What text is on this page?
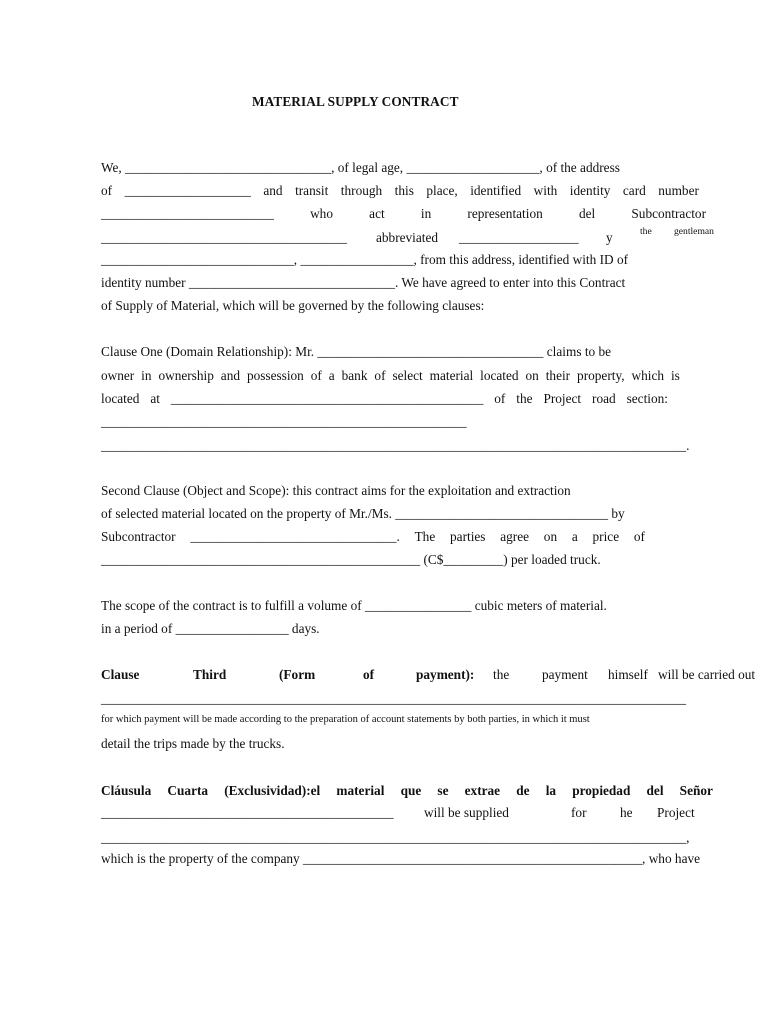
MATERIAL SUPPLY CONTRACT
We, _______________________________, of legal age, ____________________, of the address
of ___________________ and transit through this place, identified with identity card number
__________________________	who	act	in	representation	del	Subcontractor
_____________________________________ abbreviated __________________ y	the gentleman
_____________________________, _________________, from this address, identified with ID of
identity number _______________________________. We have agreed to enter into this Contract
of Supply of Material, which will be governed by the following clauses:
Clause One (Domain Relationship): Mr. __________________________________ claims to be
owner in ownership and possession of a bank of select material located on their property, which is
located at _______________________________________________ of the Project road section:
_______________________________________________________
________________________________________________________________________________________.
Second Clause (Object and Scope): this contract aims for the exploitation and extraction
of selected material located on the property of Mr./Ms. ________________________________ by
Subcontractor _______________________________. The parties agree on a price of
________________________________________________ (C$_________) per loaded truck.
The scope of the contract is to fulfill a volume of ________________ cubic meters of material.
in a period of _________________ days.
Clause	Third	(Form	of	payment): the payment himself will be carried out
________________________________________________________________________________________
for which payment will be made according to the preparation of account statements by both parties, in which it must
detail the trips made by the trucks.
Cláusula Cuarta (Exclusividad):el material que se extrae de la propiedad del Señor
____________________________________________ will be supplied	for	he Project
________________________________________________________________________________________,
which is the property of the company ___________________________________________________, who have
